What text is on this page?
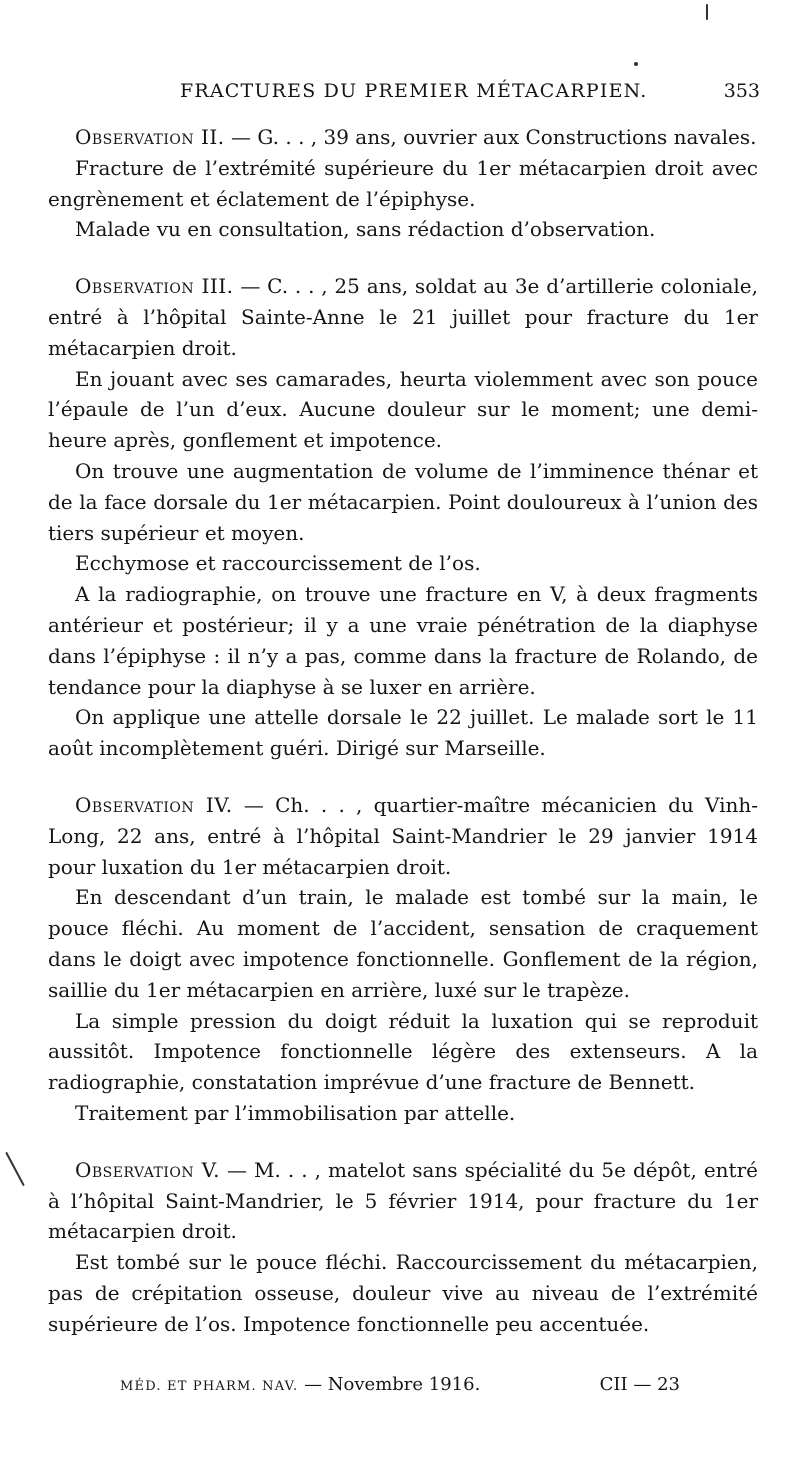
FRACTURES DU PREMIER MÉTACARPIEN.	353

Observation II. — G. . . , 39 ans, ouvrier aux Constructions navales.

Fracture de l’extrémité supérieure du 1er métacarpien droit avec engrènement et éclatement de l’épiphyse.

Malade vu en consultation, sans rédaction d’observation.

Observation III. — C. . . , 25 ans, soldat au 3e d’artillerie coloniale, entré à l’hôpital Sainte-Anne le 21 juillet pour fracture du 1er métacarpien droit.

En jouant avec ses camarades, heurta violemment avec son pouce l’épaule de l’un d’eux. Aucune douleur sur le moment; une demi-heure après, gonflement et impotence.

On trouve une augmentation de volume de l’imminence thénar et de la face dorsale du 1er métacarpien. Point douloureux à l’union des tiers supérieur et moyen.

Ecchymose et raccourcissement de l’os.

A la radiographie, on trouve une fracture en V, à deux fragments antérieur et postérieur; il y a une vraie pénétration de la diaphyse dans l’épiphyse : il n’y a pas, comme dans la fracture de Rolando, de tendance pour la diaphyse à se luxer en arrière.

On applique une attelle dorsale le 22 juillet. Le malade sort le 11 août incomplètement guéri. Dirigé sur Marseille.

Observation IV. — Ch. . . , quartier-maître mécanicien du Vinh-Long, 22 ans, entré à l’hôpital Saint-Mandrier le 29 janvier 1914 pour luxation du 1er métacarpien droit.

En descendant d’un train, le malade est tombé sur la main, le pouce fléchi. Au moment de l’accident, sensation de craquement dans le doigt avec impotence fonctionnelle. Gonflement de la région, saillie du 1er métacarpien en arrière, luxé sur le trapèze.

La simple pression du doigt réduit la luxation qui se reproduit aussitôt. Impotence fonctionnelle légère des extenseurs. A la radiographie, constatation imprévue d’une fracture de Bennett.

Traitement par l’immobilisation par attelle.

Observation V. — M. . . , matelot sans spécialité du 5e dépôt, entré à l’hôpital Saint-Mandrier, le 5 février 1914, pour fracture du 1er métacarpien droit.

Est tombé sur le pouce fléchi. Raccourcissement du métacarpien, pas de crépitation osseuse, douleur vive au niveau de l’extrémité supérieure de l’os. Impotence fonctionnelle peu accentuée.

MÉD. ET PHARM. NAV. — Novembre 1916.	CII — 23
